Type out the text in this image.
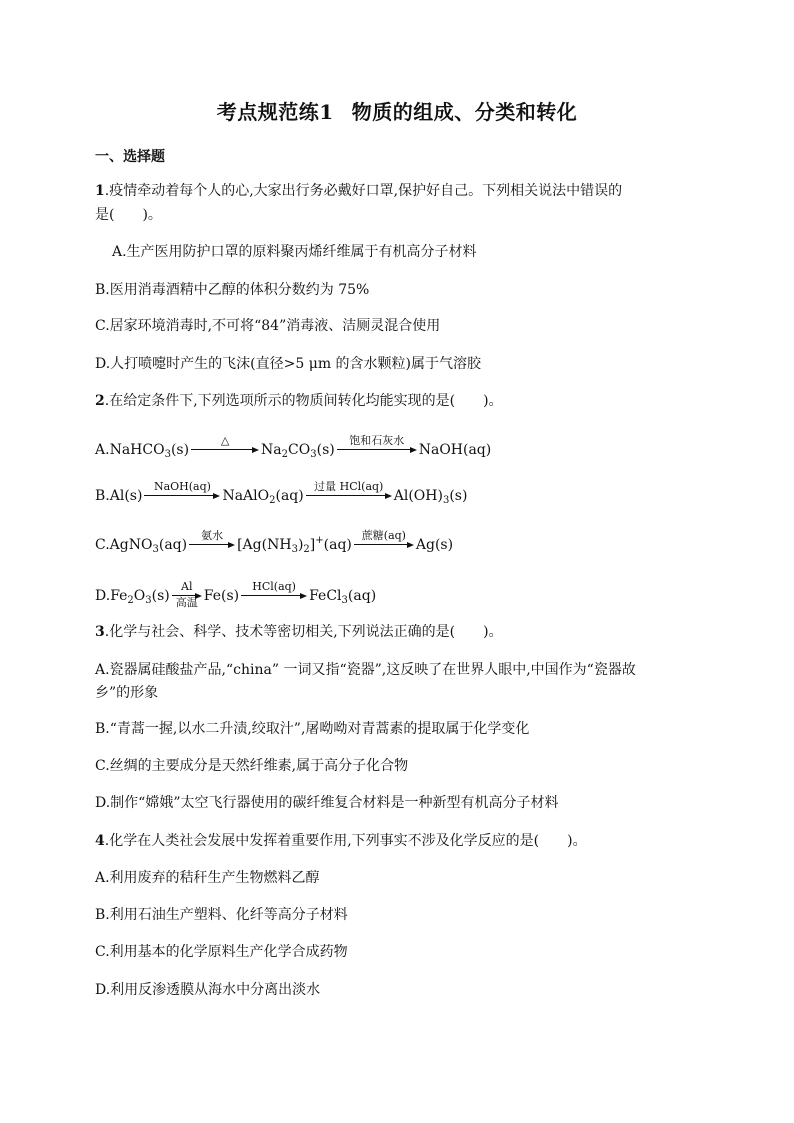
考点规范练1 物质的组成、分类和转化
一、选择题
1.疫情牵动着每个人的心,大家出行务必戴好口罩,保护好自己。下列相关说法中错误的
是(　　)。
A.生产医用防护口罩的原料聚丙烯纤维属于有机高分子材料
B.医用消毒酒精中乙醇的体积分数约为 75%
C.居家环境消毒时,不可将“84”消毒液、洁厕灵混合使用
D.人打喷嚏时产生的飞沫(直径>5 μm 的含水颗粒)属于气溶胶
2.在给定条件下,下列选项所示的物质间转化均能实现的是(　　)。
A.NaHCO$_3$(s)
△
$Na_2CO_3(s)$
饱和石灰水
NaOH(aq)
B.Al(s)
NaOH(aq)
NaAlO$_2$(aq)
过量 HCl(aq)
$Al(OH)_3(s)$
C.AgNO$_3$(aq)
氨水
$[Ag(NH_3)_2]^+(aq)$
蔗糖(aq)
Ag(s)
$D.Fe_2O_3(s)$
Al
高温 Fe(s)
HCl(aq)
FeCl$_3$(aq)
3.化学与社会、科学、技术等密切相关,下列说法正确的是(　　)。
A.瓷器属硅酸盐产品,“china” 一词又指“瓷器”,这反映了在世界人眼中,中国作为“瓷器故
乡”的形象
B.“青蒿一握,以水二升渍,绞取汁”,屠呦呦对青蒿素的提取属于化学变化
C.丝绸的主要成分是天然纤维素,属于高分子化合物
D.制作“嫦娥”太空飞行器使用的碳纤维复合材料是一种新型有机高分子材料
4.化学在人类社会发展中发挥着重要作用,下列事实不涉及化学反应的是(　　)。
A.利用废弃的秸秆生产生物燃料乙醇
B.利用石油生产塑料、化纤等高分子材料
C.利用基本的化学原料生产化学合成药物
D.利用反渗透膜从海水中分离出淡水
